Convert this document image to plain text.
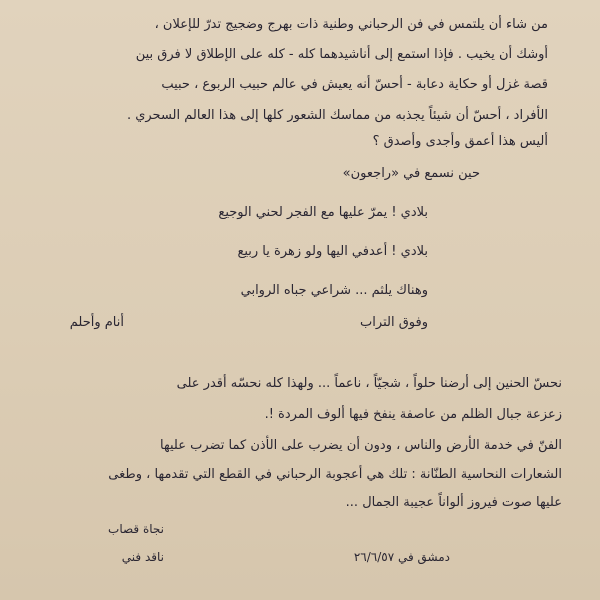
من شاء أن يلتمس في فن الرحباني وطنية ذات بهرج وضجيج تدرّ للإعلان ،
أوشك أن يخيب . فإذا استمع إلى أناشيدهما كله - كله على الإطلاق لا فرق بين
قصة غزل أو حكاية دعابة - أحسّ أنه يعيش في عالم حبيب الربوع ، حبيب
الأفراد ، أحسّ أن شيئاً يجذبه من مماسك الشعور كلها إلى هذا العالم السحري .
أليس هذا أعمق وأجدى وأصدق ؟
حين نسمع في «راجعون»
بلادي ! يمرّ عليها مع الفجر لحني الوجيع
بلادي ! أعدفي اليها ولو زهرة يا ربيع
وهناك يلثم ... شراعي جباه الروابي
وفوق التراب
أنام وأحلم
نحسّ الحنين إلى أرضنا حلواً ، شجيّاً ، ناعماً ... ولهذا كله نحسّه أقدر على
زعزعة جبال الظلم من عاصفة ينفخ فيها ألوف المردة !.
الفنّ في خدمة الأرض والناس ، ودون أن يضرب على الأذن كما تضرب عليها
الشعارات النحاسية الطنّانة : تلك هي أعجوبة الرحباني في القطع التي تقدمها ، وطغى
عليها صوت فيروز ألواناً عجيبة الجمال ...
نجاة قصاب
ناقد فني	دمشق في ٢٦/٦/٥٧
